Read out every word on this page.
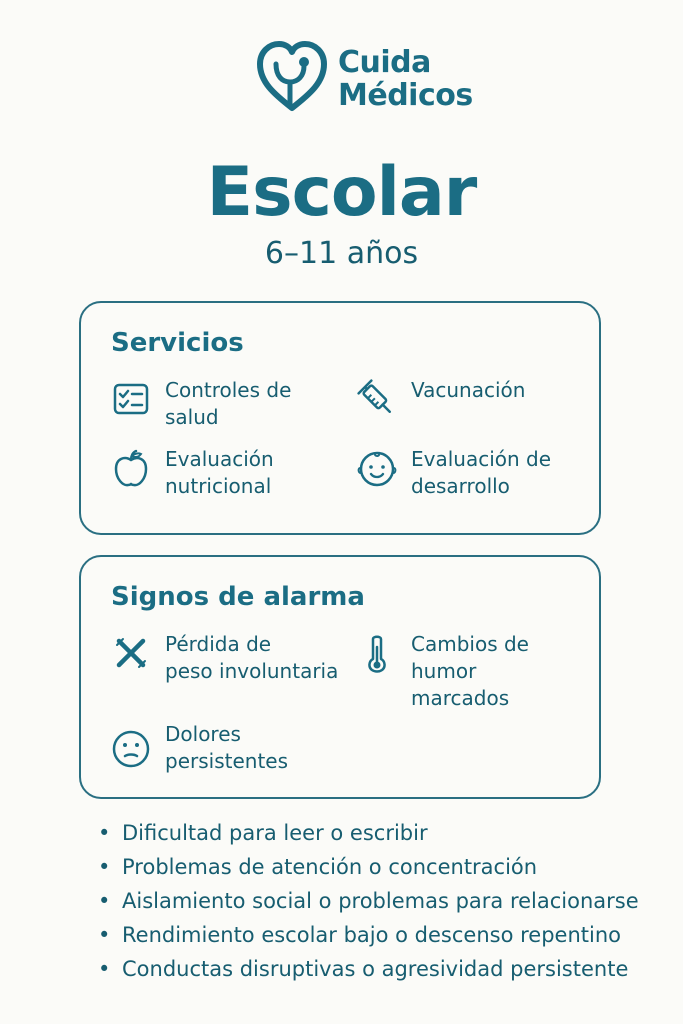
Cuida
Médicos
Escolar
6–11 años
Servicios
Controles de
salud
Vacunación
Evaluación
nutricional
Evaluación de
desarrollo
Signos de alarma
Pérdida de
peso involuntaria
Cambios de
humor
marcados
Dolores
persistentes
• Dificultad para leer o escribir
• Problemas de atención o concentración
• Aislamiento social o problemas para relacionarse
• Rendimiento escolar bajo o descenso repentino
• Conductas disruptivas o agresividad persistente
